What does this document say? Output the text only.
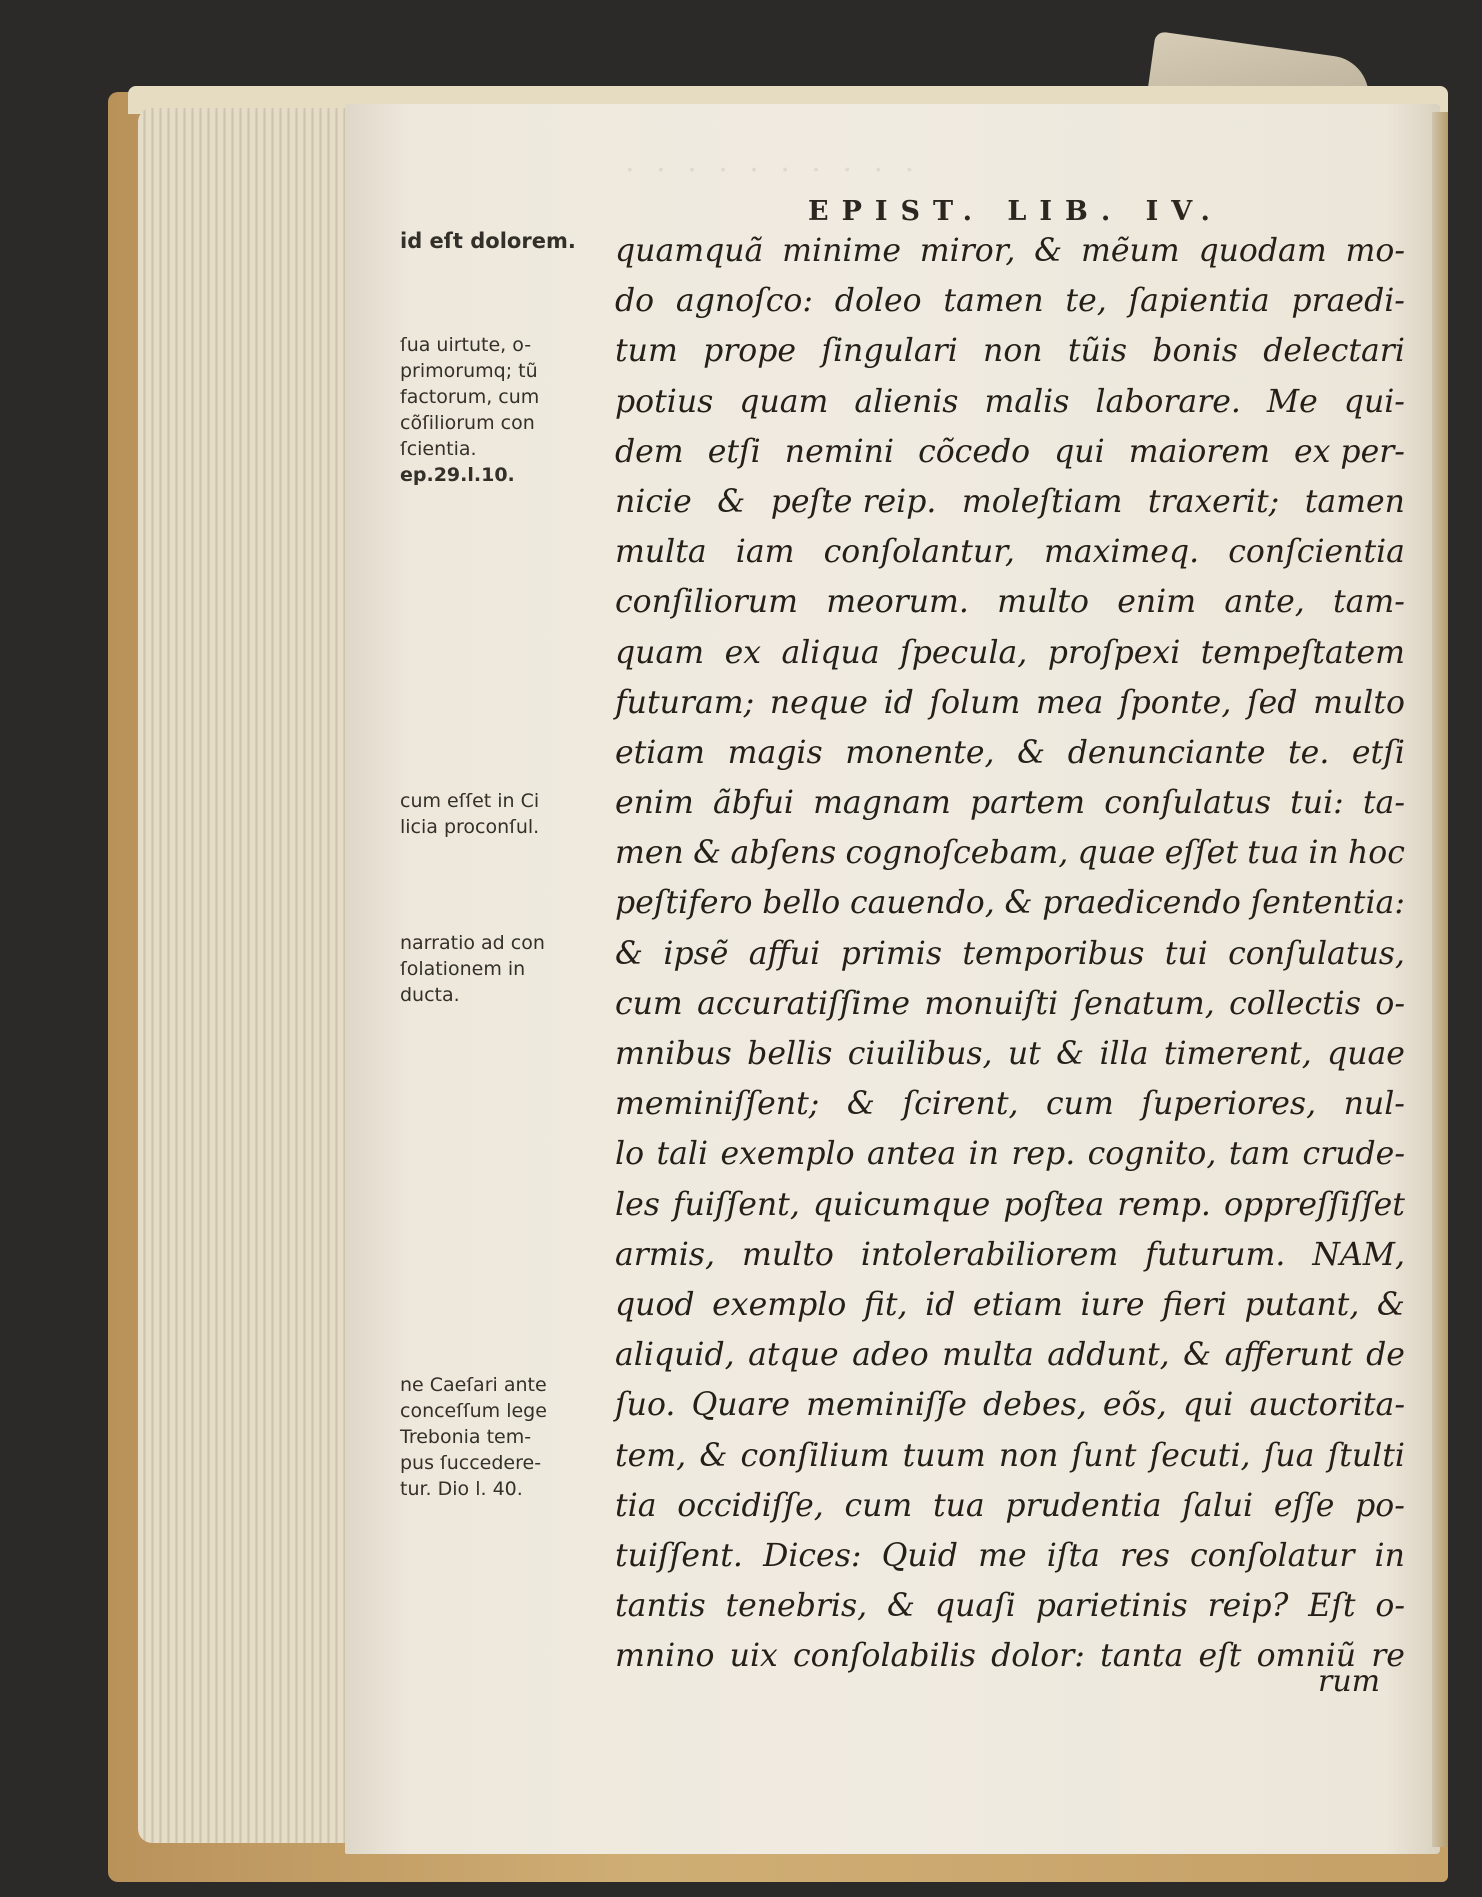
· · · · · · · · · ·
EPIST. LIB. IV.
id eſt dolorem.
ſua uirtute, o-
primorumq; tũ
factorum, cum
cõſiliorum con
ſcientia.
ep.29.l.10.
cum eſſet in Ci
licia proconſul.
narratio ad con
ſolationem in
ducta.
ne Caeſari ante
conceſſum lege
Trebonia tem-
pus ſuccedere-
tur. Dio l. 40.
quamquã minime miror, & mẽum quodam mo-
do agnoſco: doleo tamen te, ſapientia praedi-
tum prope ſingulari non tũis bonis delectari
potius quam alienis malis laborare. Me qui-
dem etſi nemini cõcedo qui maiorem ex per-
nicie & peſte reip. moleſtiam traxerit; tamen
multa iam conſolantur, maximeq. conſcientia
conſiliorum meorum. multo enim ante, tam-
quam ex aliqua ſpecula, proſpexi tempeſtatem
futuram; neque id ſolum mea ſponte, ſed multo
etiam magis monente, & denunciante te. etſi
enim ãbfui magnam partem conſulatus tui: ta-
men & abſens cognoſcebam, quae eſſet tua in hoc
peſtifero bello cauendo, & praedicendo ſententia:
& ipsẽ affui primis temporibus tui conſulatus,
cum accuratiſſime monuiſti ſenatum, collectis o-
mnibus bellis ciuilibus, ut & illa timerent, quae
meminiſſent; & ſcirent, cum ſuperiores, nul-
lo tali exemplo antea in rep. cognito, tam crude-
les fuiſſent, quicumque poſtea remp. oppreſſiſſet
armis, multo intolerabiliorem futurum. NAM,
quod exemplo fit, id etiam iure fieri putant, &
aliquid, atque adeo multa addunt, & afferunt de
ſuo. Quare meminiſſe debes, eõs, qui auctorita-
tem, & conſilium tuum non ſunt ſecuti, ſua ſtulti
tia occidiſſe, cum tua prudentia ſalui eſſe po-
tuiſſent. Dices: Quid me iſta res conſolatur in
tantis tenebris, & quaſi parietinis reip? Eſt o-
mnino uix conſolabilis dolor: tanta eſt omniũ re
rum
